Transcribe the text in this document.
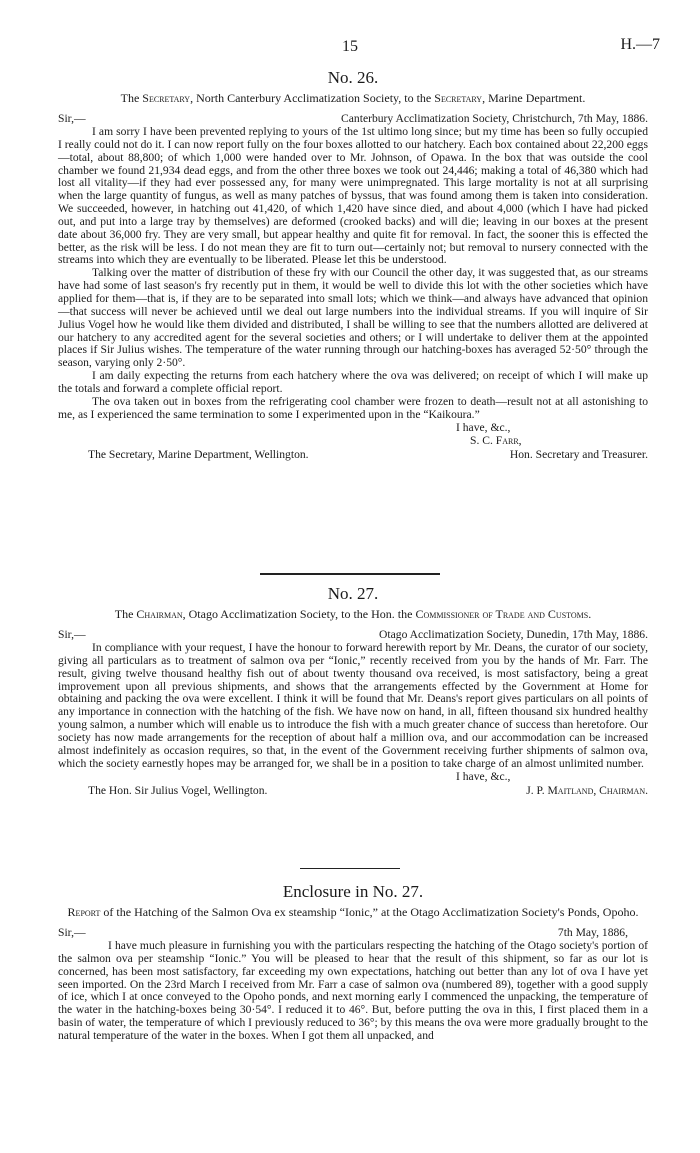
15	H.—7
No. 26.
The Secretary, North Canterbury Acclimatization Society, to the Secretary, Marine Department.
Sir,—	Canterbury Acclimatization Society, Christchurch, 7th May, 1886.

I am sorry I have been prevented replying to yours of the 1st ultimo long since; but my time has been so fully occupied I really could not do it. I can now report fully on the four boxes allotted to our hatchery. Each box contained about 22,200 eggs—total, about 88,800; of which 1,000 were handed over to Mr. Johnson, of Opawa. In the box that was outside the cool chamber we found 21,934 dead eggs, and from the other three boxes we took out 24,446; making a total of 46,380 which had lost all vitality—if they had ever possessed any, for many were unimpregnated. This large mortality is not at all surprising when the large quantity of fungus, as well as many patches of byssus, that was found among them is taken into consideration. We succeeded, however, in hatching out 41,420, of which 1,420 have since died, and about 4,000 (which I have had picked out, and put into a large tray by themselves) are deformed (crooked backs) and will die; leaving in our boxes at the present date about 36,000 fry. They are very small, but appear healthy and quite fit for removal. In fact, the sooner this is effected the better, as the risk will be less. I do not mean they are fit to turn out—certainly not; but removal to nursery connected with the streams into which they are eventually to be liberated. Please let this be understood.

Talking over the matter of distribution of these fry with our Council the other day, it was suggested that, as our streams have had some of last season's fry recently put in them, it would be well to divide this lot with the other societies which have applied for them—that is, if they are to be separated into small lots; which we think—and always have advanced that opinion—that success will never be achieved until we deal out large numbers into the individual streams. If you will inquire of Sir Julius Vogel how he would like them divided and distributed, I shall be willing to see that the numbers allotted are delivered at our hatchery to any accredited agent for the several societies and others; or I will undertake to deliver them at the appointed places if Sir Julius wishes. The temperature of the water running through our hatching-boxes has averaged 52·50° through the season, varying only 2·50°.

I am daily expecting the returns from each hatchery where the ova was delivered; on receipt of which I will make up the totals and forward a complete official report.

The ova taken out in boxes from the refrigerating cool chamber were frozen to death—result not at all astonishing to me, as I experienced the same termination to some I experimented upon in the “Kaikoura.”

I have, &c.,
S. C. Farr,
The Secretary, Marine Department, Wellington.	Hon. Secretary and Treasurer.
No. 27.
The Chairman, Otago Acclimatization Society, to the Hon. the Commissioner of Trade and Customs.
Sir,—	Otago Acclimatization Society, Dunedin, 17th May, 1886.

In compliance with your request, I have the honour to forward herewith report by Mr. Deans, the curator of our society, giving all particulars as to treatment of salmon ova per “Ionic,” recently received from you by the hands of Mr. Farr. The result, giving twelve thousand healthy fish out of about twenty thousand ova received, is most satisfactory, being a great improvement upon all previous shipments, and shows that the arrangements effected by the Government at Home for obtaining and packing the ova were excellent. I think it will be found that Mr. Deans's report gives particulars on all points of any importance in connection with the hatching of the fish. We have now on hand, in all, fifteen thousand six hundred healthy young salmon, a number which will enable us to introduce the fish with a much greater chance of success than heretofore. Our society has now made arrangements for the reception of about half a million ova, and our accommodation can be increased almost indefinitely as occasion requires, so that, in the event of the Government receiving further shipments of salmon ova, which the society earnestly hopes may be arranged for, we shall be in a position to take charge of an almost unlimited number.

I have, &c.,
The Hon. Sir Julius Vogel, Wellington.	J. P. Maitland, Chairman.
Enclosure in No. 27.
Report of the Hatching of the Salmon Ova ex steamship “Ionic,” at the Otago Acclimatization Society's Ponds, Opoho.
Sir,—	7th May, 1886,

I have much pleasure in furnishing you with the particulars respecting the hatching of the Otago society's portion of the salmon ova per steamship “Ionic.” You will be pleased to hear that the result of this shipment, so far as our lot is concerned, has been most satisfactory, far exceeding my own expectations, hatching out better than any lot of ova I have yet seen imported. On the 23rd March I received from Mr. Farr a case of salmon ova (numbered 89), together with a good supply of ice, which I at once conveyed to the Opoho ponds, and next morning early I commenced the unpacking, the temperature of the water in the hatching-boxes being 30·54°. I reduced it to 46°. But, before putting the ova in this, I first placed them in a basin of water, the temperature of which I previously reduced to 36°; by this means the ova were more gradually brought to the natural temperature of the water in the boxes. When I got them all unpacked, and
